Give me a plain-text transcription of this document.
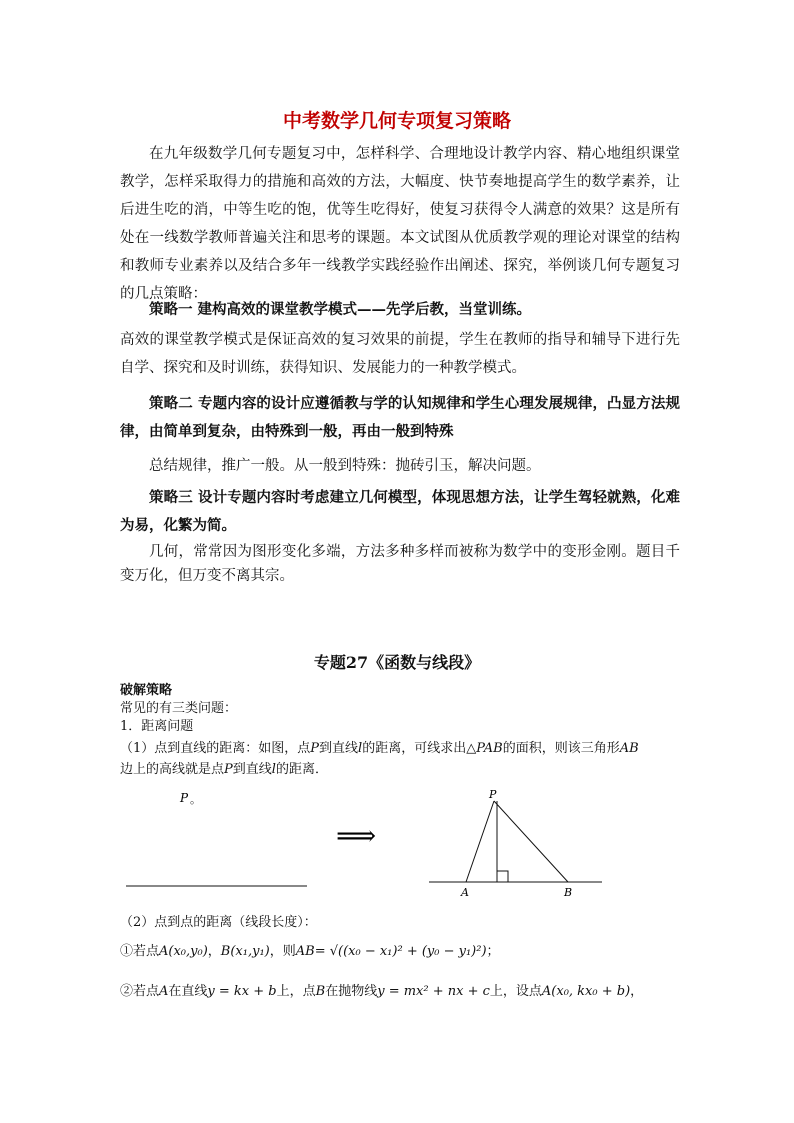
中考数学几何专项复习策略
在九年级数学几何专题复习中，怎样科学、合理地设计教学内容、精心地组织课堂教学，怎样采取得力的措施和高效的方法，大幅度、快节奏地提高学生的数学素养，让后进生吃的消，中等生吃的饱，优等生吃得好，使复习获得令人满意的效果？这是所有处在一线数学教师普遍关注和思考的课题。本文试图从优质教学观的理论对课堂的结构和教师专业素养以及结合多年一线教学实践经验作出阐述、探究，举例谈几何专题复习的几点策略：
策略一 建构高效的课堂教学模式——先学后教，当堂训练。
高效的课堂教学模式是保证高效的复习效果的前提，学生在教师的指导和辅导下进行先自学、探究和及时训练，获得知识、发展能力的一种教学模式。
策略二 专题内容的设计应遵循教与学的认知规律和学生心理发展规律，凸显方法规律，由简单到复杂，由特殊到一般，再由一般到特殊
总结规律，推广一般。从一般到特殊：抛砖引玉，解决问题。
策略三 设计专题内容时考虑建立几何模型，体现思想方法，让学生驾轻就熟，化难为易，化繁为简。
几何，常常因为图形变化多端，方法多种多样而被称为数学中的变形金刚。题目千变万化，但万变不离其宗。
专题27《函数与线段》
破解策略
常见的有三类问题：
1．距离问题
（1）点到直线的距离：如图，点P到直线l的距离，可线求出△PAB的面积，则该三角形AB
边上的高线就是点P到直线l的距离．
P 。
⟹
P
A	B
（2）点到点的距离（线段长度）：
①若点A(x₀,y₀)，B(x₁,y₁)，则AB= √((x₀ − x₁)² + (y₀ − y₁)²)；
②若点A在直线y = kx + b上，点B在抛物线y = mx² + nx + c上，设点A(x₀, kx₀ + b)，
